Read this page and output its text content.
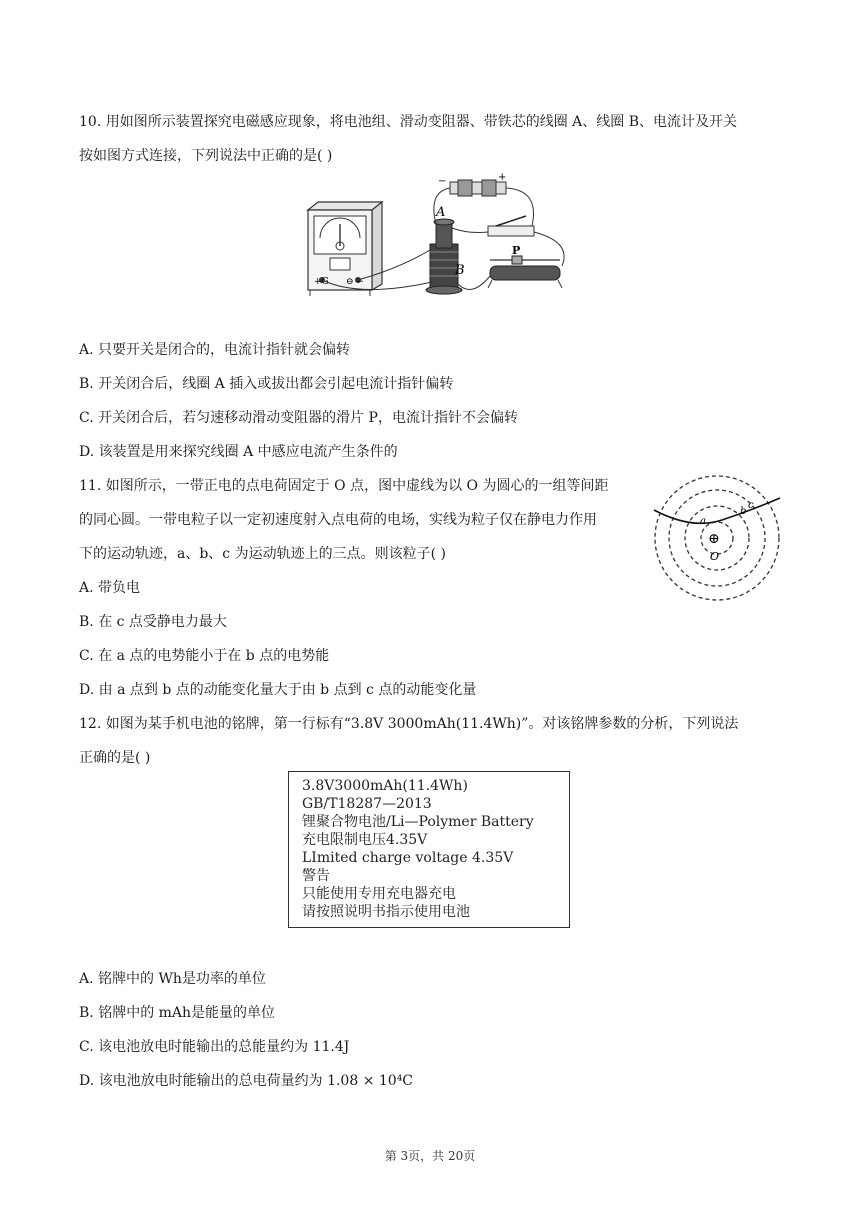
10. 用如图所示装置探究电磁感应现象，将电池组、滑动变阻器、带铁芯的线圈 A、线圈 B、电流计及开关
按如图方式连接，下列说法中正确的是( )
+G ⊖ −
A
B
−	+
P
A. 只要开关是闭合的，电流计指针就会偏转
B. 开关闭合后，线圈 A 插入或拔出都会引起电流计指针偏转
C. 开关闭合后，若匀速移动滑动变阻器的滑片 P，电流计指针不会偏转
D. 该装置是用来探究线圈 A 中感应电流产生条件的
11. 如图所示，一带正电的点电荷固定于 O 点，图中虚线为以 O 为圆心的一组等间距
的同心圆。一带电粒子以一定初速度射入点电荷的电场，实线为粒子仅在静电力作用
下的运动轨迹，a、b、c 为运动轨迹上的三点。则该粒子( )
⊕
O
a
b
c
A. 带负电
B. 在 c 点受静电力最大
C. 在 a 点的电势能小于在 b 点的电势能
D. 由 a 点到 b 点的动能变化量大于由 b 点到 c 点的动能变化量
12. 如图为某手机电池的铭牌，第一行标有“3.8V 3000mAh(11.4Wh)”。对该铭牌参数的分析，下列说法
正确的是( )
3.8V3000mAh(11.4Wh)
GB/T18287—2013
锂聚合物电池/Li—Polymer Battery
充电限制电压4.35V
LImited charge voltage 4.35V
警告
只能使用专用充电器充电
请按照说明书指示使用电池
A. 铭牌中的 Wh是功率的单位
B. 铭牌中的 mAh是能量的单位
C. 该电池放电时能输出的总能量约为 11.4J
D. 该电池放电时能输出的总电荷量约为 1.08 × 10⁴C
第 3页，共 20页
